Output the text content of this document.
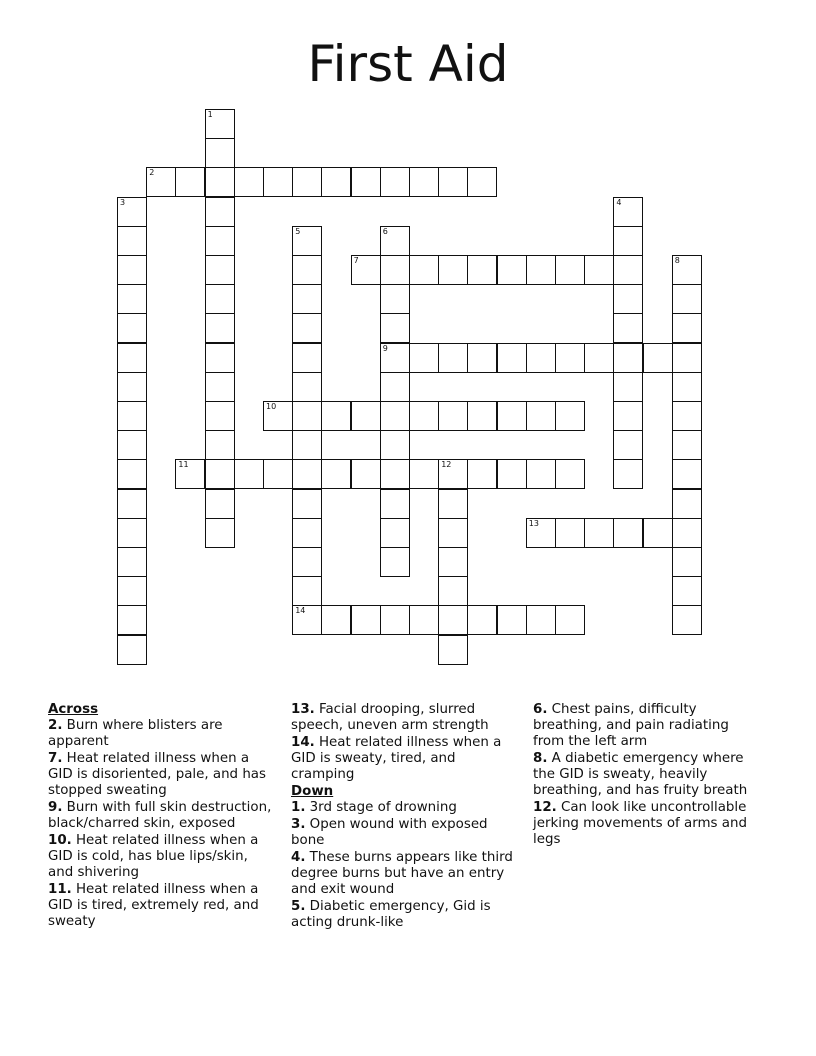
First Aid
1
2
3	4
5	6
9
7	8
10
11	12
13
14
Across
2. Burn where blisters are apparent
7. Heat related illness when a GID is disoriented, pale, and has stopped sweating
9. Burn with full skin destruction, black/charred skin, exposed
10. Heat related illness when a GID is cold, has blue lips/skin, and shivering
11. Heat related illness when a GID is tired, extremely red, and sweaty
13. Facial drooping, slurred speech, uneven arm strength
14. Heat related illness when a GID is sweaty, tired, and cramping
Down
1. 3rd stage of drowning
3. Open wound with exposed bone
4. These burns appears like third degree burns but have an entry and exit wound
5. Diabetic emergency, Gid is acting drunk-like
6. Chest pains, difficulty breathing, and pain radiating from the left arm
8. A diabetic emergency where the GID is sweaty, heavily breathing, and has fruity breath
12. Can look like uncontrollable jerking movements of arms and legs
